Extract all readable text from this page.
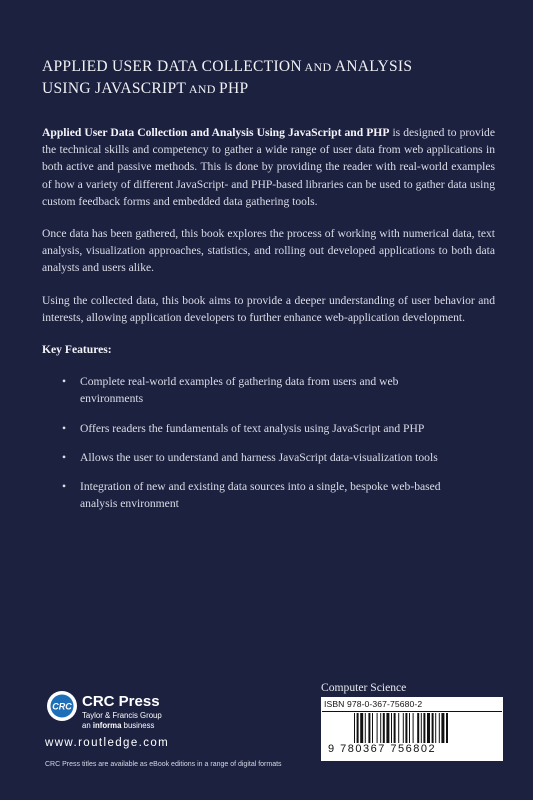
APPLIED USER DATA COLLECTION AND ANALYSIS
USING JAVASCRIPT AND PHP

Applied User Data Collection and Analysis Using JavaScript and PHP is designed to provide the technical skills and competency to gather a wide range of user data from web applications in both active and passive methods. This is done by providing the reader with real-world examples of how a variety of different JavaScript- and PHP-based libraries can be used to gather data using custom feedback forms and embedded data gathering tools.

Once data has been gathered, this book explores the process of working with numerical data, text analysis, visualization approaches, statistics, and rolling out developed applications to both data analysts and users alike.

Using the collected data, this book aims to provide a deeper understanding of user behavior and interests, allowing application developers to further enhance web-application development.

Key Features:

• Complete real-world examples of gathering data from users and web environments
• Offers readers the fundamentals of text analysis using JavaScript and PHP
• Allows the user to understand and harness JavaScript data-visualization tools
• Integration of new and existing data sources into a single, bespoke web-based analysis environment
CRC CRC Press
Taylor & Francis Group
an informa business
www.routledge.com
CRC Press titles are available as eBook editions in a range of digital formats
Computer Science
ISBN 978-0-367-75680-2
9 780367 756802
